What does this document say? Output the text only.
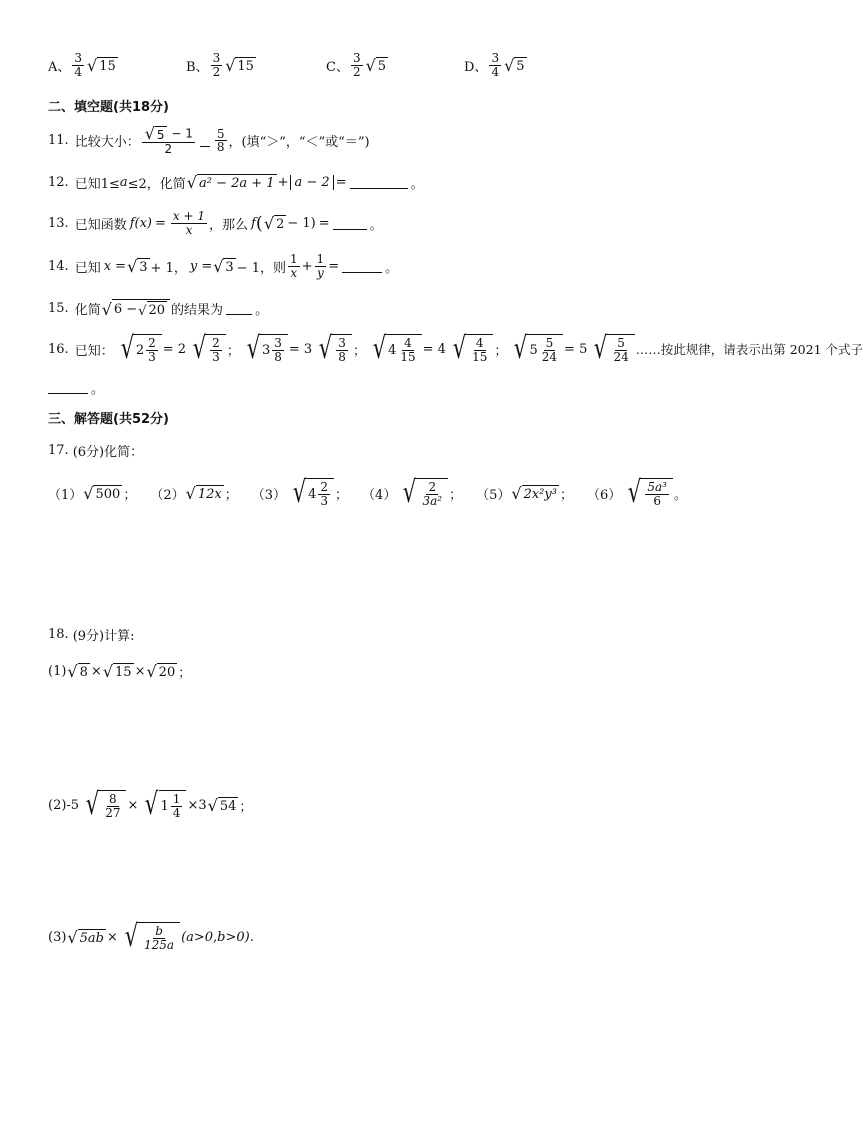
A、 $\frac{3}{4}$ √ 15	B、 $\frac{3}{2}$ √ 15	C、 $\frac{3}{2}$ √ 5	D、 $\frac{3}{4}$ √ 5
二、填空题(共18分)
11. 比较大小： $\frac{√ 5 - 1}{2} \frac{5}{8}$ ，(填“＞”，“＜”或“＝”)
12. 已知1≤ a ≤2，化简 √ a² − 2a + 1 + a − 2 =	。
13. 已知函数 f $(x) = \frac{x + 1}{x}$ ，那么 f ( √ 2 − 1) =	。
14. 已知 x = √ 3 + 1， y = √ 3 − 1，则 $\frac{1}{x} + \frac{1}{y}$ =	。
15. 化简 √ 6 − √ 20 的结果为 。
16. 已知： √ $2 \frac{2}{3} = 2$ √ $\frac{2}{3}$ ； √ $3 \frac{3}{8} = 3$ √ $\frac{3}{8}$ ； √ $4 \frac{4}{15} = 4$ √ $\frac{4}{15}$ ； √ $5 \frac{5}{24} = 5$ √ $\frac{5}{24}$ ……按此规律，请表示出第 2021 个式子
。
三、解答题(共52分)
17. (6分)化简：
（1） √ 500 ； （2） √ 12x ； （3） √ $4 \frac{2}{3}$ ； （4） √ $\frac{2}{\text{3a²}}$ ； （5） √ 2x²y³ ； （6） √ $\frac{\text{5a³}}{6}$ 。
18. (9分)计算:
(1) √ 8 × √ 15 × √ 20 ；
(2)-5 √ $\frac{8}{27}$ × √ $1 \frac{1}{4} \times 3$ √ 54 ；
(3) √ 5ab × √ $\frac{b}{125a} (a>0,b>0)$.
